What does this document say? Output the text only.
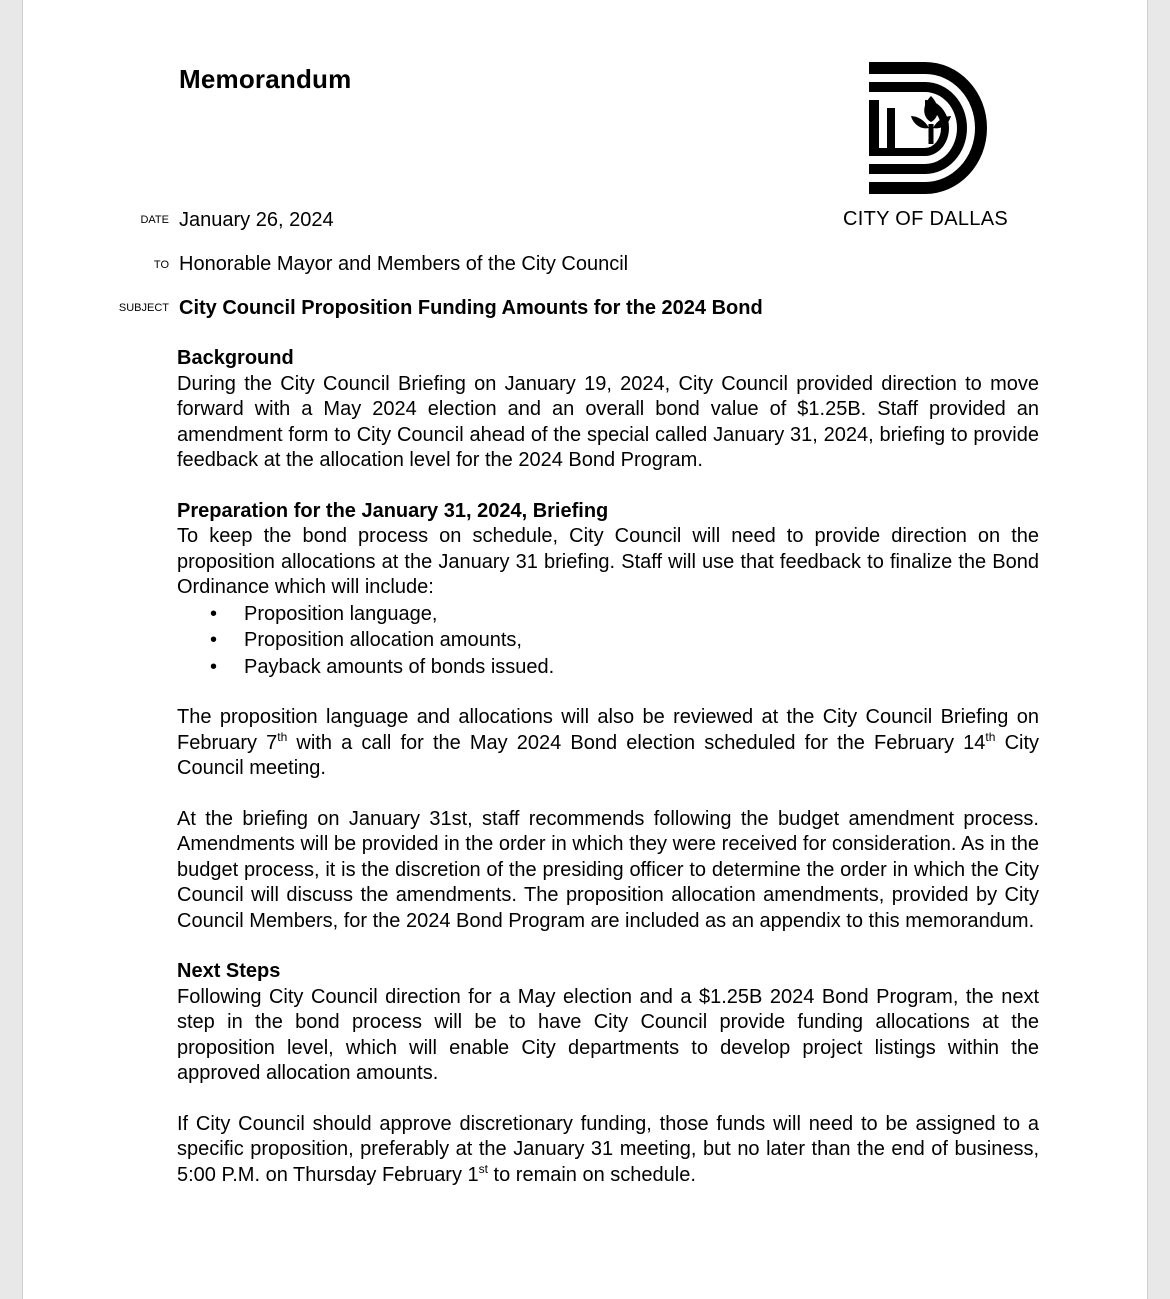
Memorandum
CITY OF DALLAS
DATE January 26, 2024
TO Honorable Mayor and Members of the City Council
SUBJECT City Council Proposition Funding Amounts for the 2024 Bond
Background

During the City Council Briefing on January 19, 2024, City Council provided direction to move forward with a May 2024 election and an overall bond value of $1.25B. Staff provided an amendment form to City Council ahead of the special called January 31, 2024, briefing to provide feedback at the allocation level for the 2024 Bond Program.

Preparation for the January 31, 2024, Briefing

To keep the bond process on schedule, City Council will need to provide direction on the proposition allocations at the January 31 briefing. Staff will use that feedback to finalize the Bond Ordinance which will include:

• Proposition language,
• Proposition allocation amounts,
• Payback amounts of bonds issued.

The proposition language and allocations will also be reviewed at the City Council Briefing on February 7th with a call for the May 2024 Bond election scheduled for the February 14th City Council meeting.

At the briefing on January 31st, staff recommends following the budget amendment process. Amendments will be provided in the order in which they were received for consideration. As in the budget process, it is the discretion of the presiding officer to determine the order in which the City Council will discuss the amendments. The proposition allocation amendments, provided by City Council Members, for the 2024 Bond Program are included as an appendix to this memorandum.

Next Steps

Following City Council direction for a May election and a $1.25B 2024 Bond Program, the next step in the bond process will be to have City Council provide funding allocations at the proposition level, which will enable City departments to develop project listings within the approved allocation amounts.

If City Council should approve discretionary funding, those funds will need to be assigned to a specific proposition, preferably at the January 31 meeting, but no later than the end of business, 5:00 P.M. on Thursday February 1st to remain on schedule.
